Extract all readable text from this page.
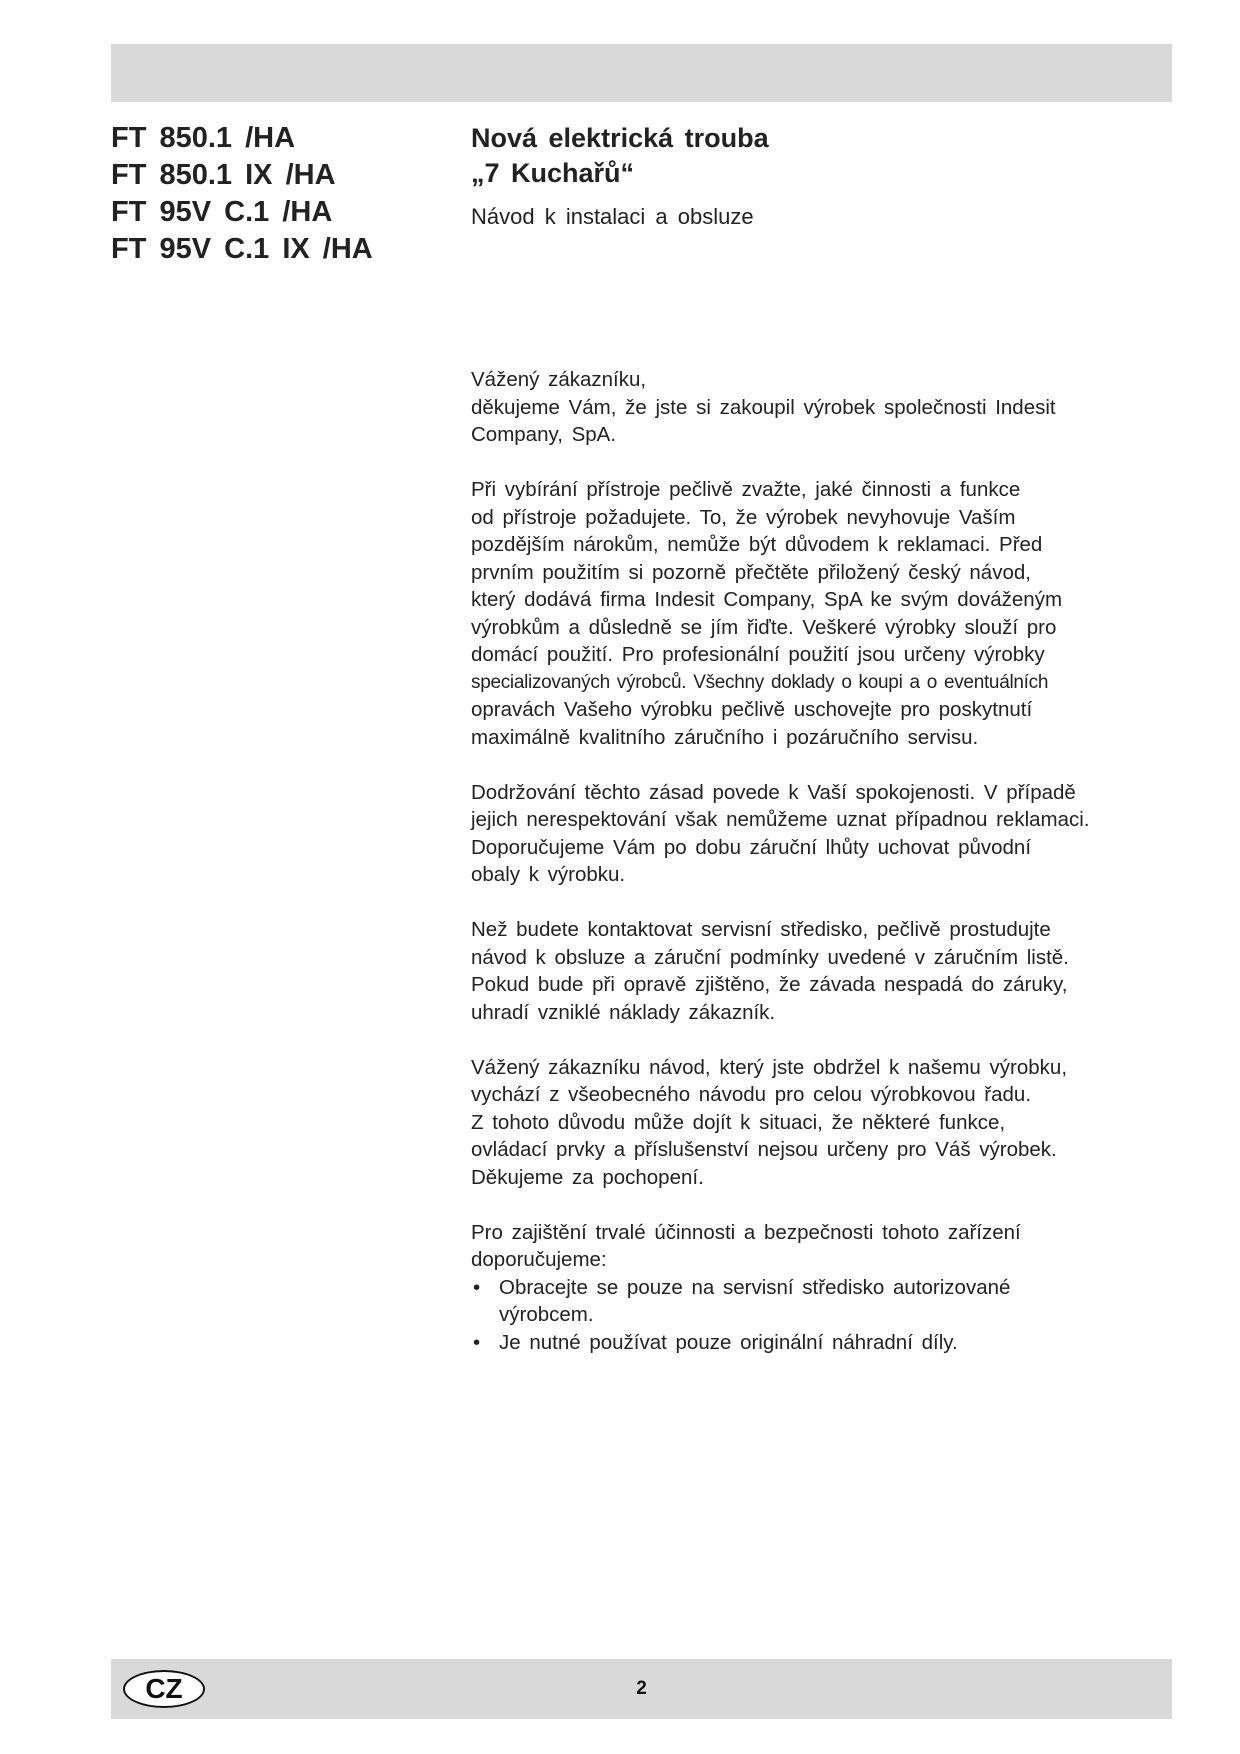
FT 850.1 /HA
FT 850.1 IX /HA
FT 95V C.1 /HA
FT 95V C.1 IX /HA
Nová elektrická trouba
„7 Kuchařů“
Návod k instalaci a obsluze
Vážený zákazníku,
děkujeme Vám, že jste si zakoupil výrobek společnosti Indesit
Company, SpA.
Při vybírání přístroje pečlivě zvažte, jaké činnosti a funkce
od přístroje požadujete. To, že výrobek nevyhovuje Vaším
pozdějším nárokům, nemůže být důvodem k reklamaci. Před
prvním použitím si pozorně přečtěte přiložený český návod,
který dodává firma Indesit Company, SpA ke svým dováženým
výrobkům a důsledně se jím řiďte. Veškeré výrobky slouží pro
domácí použití. Pro profesionální použití jsou určeny výrobky
specializovaných výrobců. Všechny doklady o koupi a o eventuálních
opravách Vašeho výrobku pečlivě uschovejte pro poskytnutí
maximálně kvalitního záručního i pozáručního servisu.
Dodržování těchto zásad povede k Vaší spokojenosti. V případě
jejich nerespektování však nemůžeme uznat případnou reklamaci.
Doporučujeme Vám po dobu záruční lhůty uchovat původní
obaly k výrobku.
Než budete kontaktovat servisní středisko, pečlivě prostudujte
návod k obsluze a záruční podmínky uvedené v záručním listě.
Pokud bude při opravě zjištěno, že závada nespadá do záruky,
uhradí vzniklé náklady zákazník.
Vážený zákazníku návod, který jste obdržel k našemu výrobku,
vychází z všeobecného návodu pro celou výrobkovou řadu.
Z tohoto důvodu může dojít k situaci, že některé funkce,
ovládací prvky a příslušenství nejsou určeny pro Váš výrobek.
Děkujeme za pochopení.
Pro zajištění trvalé účinnosti a bezpečnosti tohoto zařízení
doporučujeme:
• Obracejte se pouze na servisní středisko autorizované
výrobcem.
• Je nutné používat pouze originální náhradní díly.
CZ	2
